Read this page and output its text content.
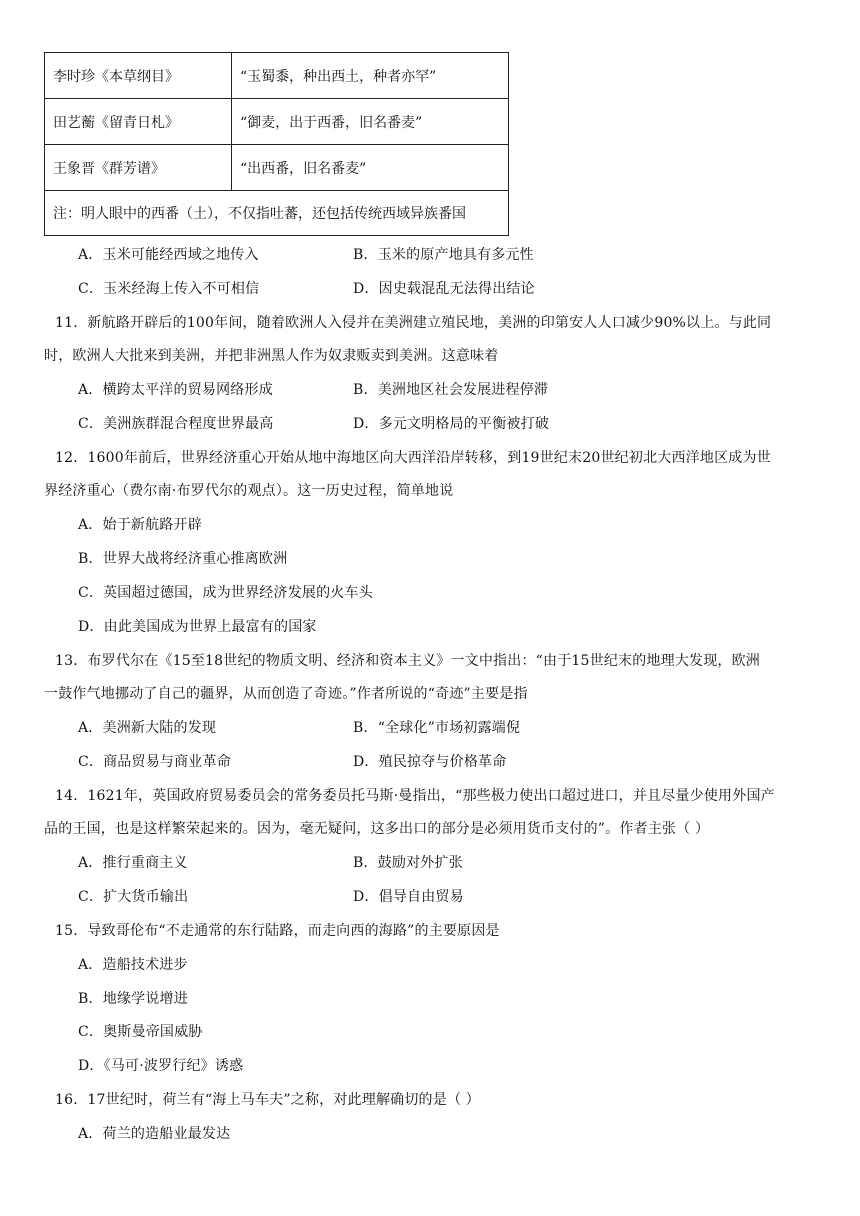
李时珍《本草纲目》	“玉蜀黍，种出西土，种者亦罕”
田艺蘅《留青日札》	“御麦，出于西番，旧名番麦”
王象晋《群芳谱》	“出西番，旧名番麦”
注：明人眼中的西番（土），不仅指吐蕃，还包括传统西域异族番国	
A．玉米可能经西域之地传入	B．玉米的原产地具有多元性
C．玉米经海上传入不可相信	D．因史载混乱无法得出结论
11．新航路开辟后的100年间，随着欧洲人入侵并在美洲建立殖民地，美洲的印第安人人口减少90%以上。与此同
时，欧洲人大批来到美洲，并把非洲黑人作为奴隶贩卖到美洲。这意味着
A．横跨太平洋的贸易网络形成	B．美洲地区社会发展进程停滞
C．美洲族群混合程度世界最高	D．多元文明格局的平衡被打破
12．1600年前后，世界经济重心开始从地中海地区向大西洋沿岸转移，到19世纪末20世纪初北大西洋地区成为世
界经济重心（费尔南·布罗代尔的观点）。这一历史过程，简单地说
A．始于新航路开辟
B．世界大战将经济重心推离欧洲
C．英国超过德国，成为世界经济发展的火车头
D．由此美国成为世界上最富有的国家
13．布罗代尔在《15至18世纪的物质文明、经济和资本主义》一文中指出：“由于15世纪末的地理大发现，欧洲
一鼓作气地挪动了自己的疆界，从而创造了奇迹。”作者所说的“奇迹”主要是指
A．美洲新大陆的发现	B．“全球化”市场初露端倪
C．商品贸易与商业革命	D．殖民掠夺与价格革命
14．1621年，英国政府贸易委员会的常务委员托马斯·曼指出，“那些极力使出口超过进口，并且尽量少使用外国产
品的王国，也是这样繁荣起来的。因为，毫无疑问，这多出口的部分是必须用货币支付的”。作者主张（ ）
A．推行重商主义	B．鼓励对外扩张
C．扩大货币输出	D．倡导自由贸易
15．导致哥伦布“不走通常的东行陆路，而走向西的海路”的主要原因是
A．造船技术进步
B．地缘学说增进
C．奥斯曼帝国威胁
D．《马可·波罗行纪》诱惑
16．17世纪时，荷兰有“海上马车夫”之称，对此理解确切的是（ ）
A．荷兰的造船业最发达
